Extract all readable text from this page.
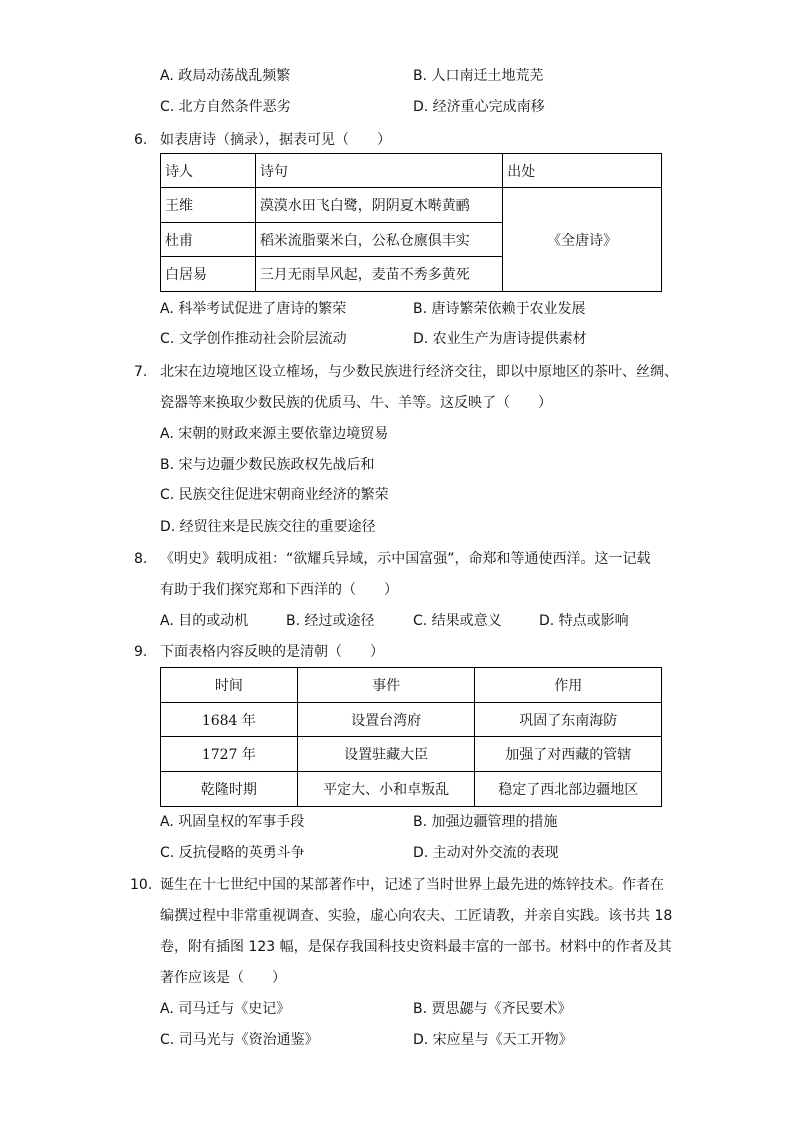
A. 政局动荡战乱频繁	B. 人口南迁土地荒芜
C. 北方自然条件恶劣	D. 经济重心完成南移
6. 如表唐诗（摘录），据表可见（　　）
诗人	诗句	出处
王维	漠漠水田飞白鹭，阴阴夏木啭黄鹂	《全唐诗》
杜甫	稻米流脂粟米白，公私仓廪俱丰实	
白居易	三月无雨旱风起，麦苗不秀多黄死	
A. 科举考试促进了唐诗的繁荣	B. 唐诗繁荣依赖于农业发展
C. 文学创作推动社会阶层流动	D. 农业生产为唐诗提供素材
7. 北宋在边境地区设立榷场，与少数民族进行经济交往，即以中原地区的茶叶、丝绸、
瓷器等来换取少数民族的优质马、牛、羊等。这反映了（　　）
A. 宋朝的财政来源主要依靠边境贸易
B. 宋与边疆少数民族政权先战后和
C. 民族交往促进宋朝商业经济的繁荣
D. 经贸往来是民族交往的重要途径
8. 《明史》载明成祖：“欲耀兵异域，示中国富强”，命郑和等通使西洋。这一记载
有助于我们探究郑和下西洋的（　　）
A. 目的或动机	B. 经过或途径	C. 结果或意义	D. 特点或影响
9. 下面表格内容反映的是清朝（　　）
时间	事件	作用
1684 年	设置台湾府	巩固了东南海防
1727 年	设置驻藏大臣	加强了对西藏的管辖
乾隆时期	平定大、小和卓叛乱	稳定了西北部边疆地区
A. 巩固皇权的军事手段	B. 加强边疆管理的措施
C. 反抗侵略的英勇斗争	D. 主动对外交流的表现
10. 诞生在十七世纪中国的某部著作中，记述了当时世界上最先进的炼锌技术。作者在
编撰过程中非常重视调查、实验，虚心向农夫、工匠请教，并亲自实践。该书共 18
卷，附有插图 123 幅，是保存我国科技史资料最丰富的一部书。材料中的作者及其
著作应该是（　　）
A. 司马迁与《史记》	B. 贾思勰与《齐民要术》
C. 司马光与《资治通鉴》	D. 宋应星与《天工开物》
